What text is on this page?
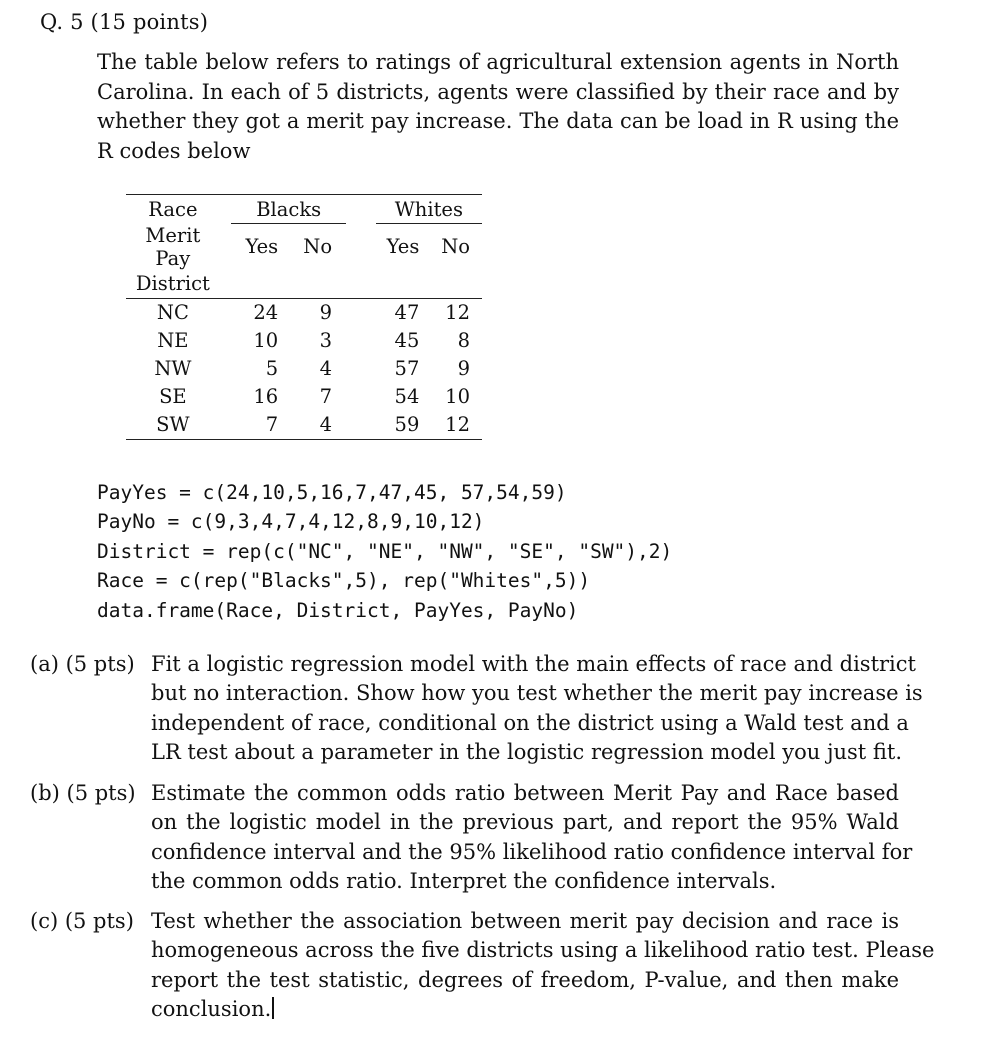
Q. 5 (15 points)
The table below refers to ratings of agricultural extension agents in North
Carolina. In each of 5 districts, agents were classified by their race and by
whether they got a merit pay increase. The data can be load in R using the
R codes below
Race		Blacks			Whites	
Merit Pay		Yes	No		Yes	No
District						
NC		24	9		47	12
NE		10	3		45	8
NW		5	4		57	9
SE		16	7		54	10
SW		7	4		59	12
PayYes = c(24,10,5,16,7,47,45, 57,54,59)
PayNo = c(9,3,4,7,4,12,8,9,10,12)
District = rep(c("NC", "NE", "NW", "SE", "SW"),2)
Race = c(rep("Blacks",5), rep("Whites",5))
data.frame(Race, District, PayYes, PayNo)
(a) (5 pts) Fit a logistic regression model with the main effects of race and district
but no interaction. Show how you test whether the merit pay increase is
independent of race, conditional on the district using a Wald test and a
LR test about a parameter in the logistic regression model you just fit.
(b) (5 pts) Estimate the common odds ratio between Merit Pay and Race based
on the logistic model in the previous part, and report the 95% Wald
confidence interval and the 95% likelihood ratio confidence interval for
the common odds ratio. Interpret the confidence intervals.
(c) (5 pts) Test whether the association between merit pay decision and race is
homogeneous across the five districts using a likelihood ratio test. Please
report the test statistic, degrees of freedom, P-value, and then make
conclusion.
